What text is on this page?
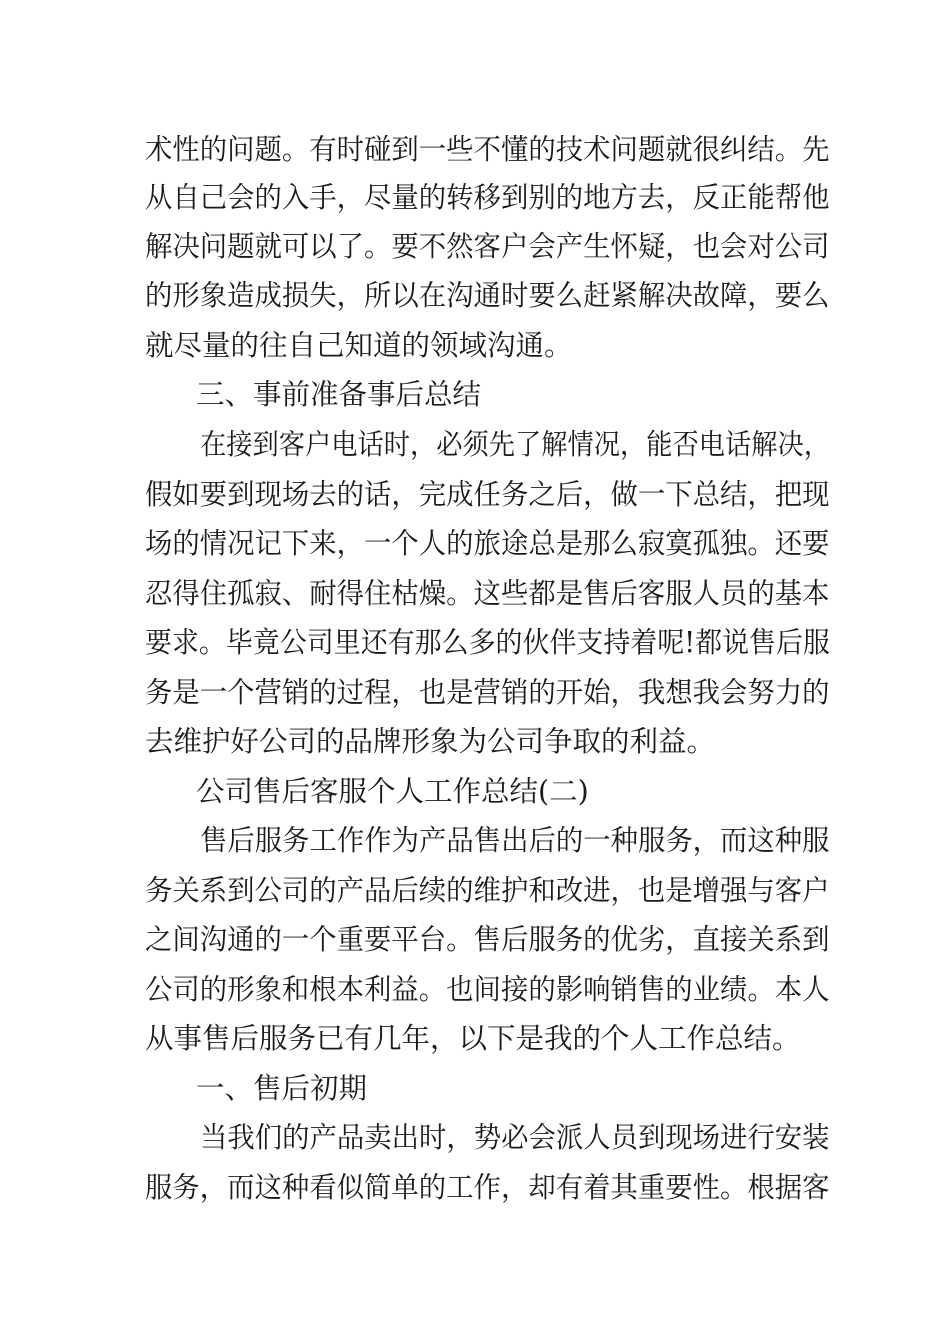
术性的问题。有时碰到一些不懂的技术问题就很纠结。先
从自己会的入手，尽量的转移到别的地方去，反正能帮他
解决问题就可以了。要不然客户会产生怀疑，也会对公司
的形象造成损失，所以在沟通时要么赶紧解决故障，要么
就尽量的往自己知道的领域沟通。
三、事前准备事后总结
在接到客户电话时，必须先了解情况，能否电话解决，
假如要到现场去的话，完成任务之后，做一下总结，把现
场的情况记下来，一个人的旅途总是那么寂寞孤独。还要
忍得住孤寂、耐得住枯燥。这些都是售后客服人员的基本
要求。毕竟公司里还有那么多的伙伴支持着呢!都说售后服
务是一个营销的过程，也是营销的开始，我想我会努力的
去维护好公司的品牌形象为公司争取的利益。
公司售后客服个人工作总结(二)
售后服务工作作为产品售出后的一种服务，而这种服
务关系到公司的产品后续的维护和改进，也是增强与客户
之间沟通的一个重要平台。售后服务的优劣，直接关系到
公司的形象和根本利益。也间接的影响销售的业绩。本人
从事售后服务已有几年，以下是我的个人工作总结。
一、售后初期
当我们的产品卖出时，势必会派人员到现场进行安装
服务，而这种看似简单的工作，却有着其重要性。根据客
